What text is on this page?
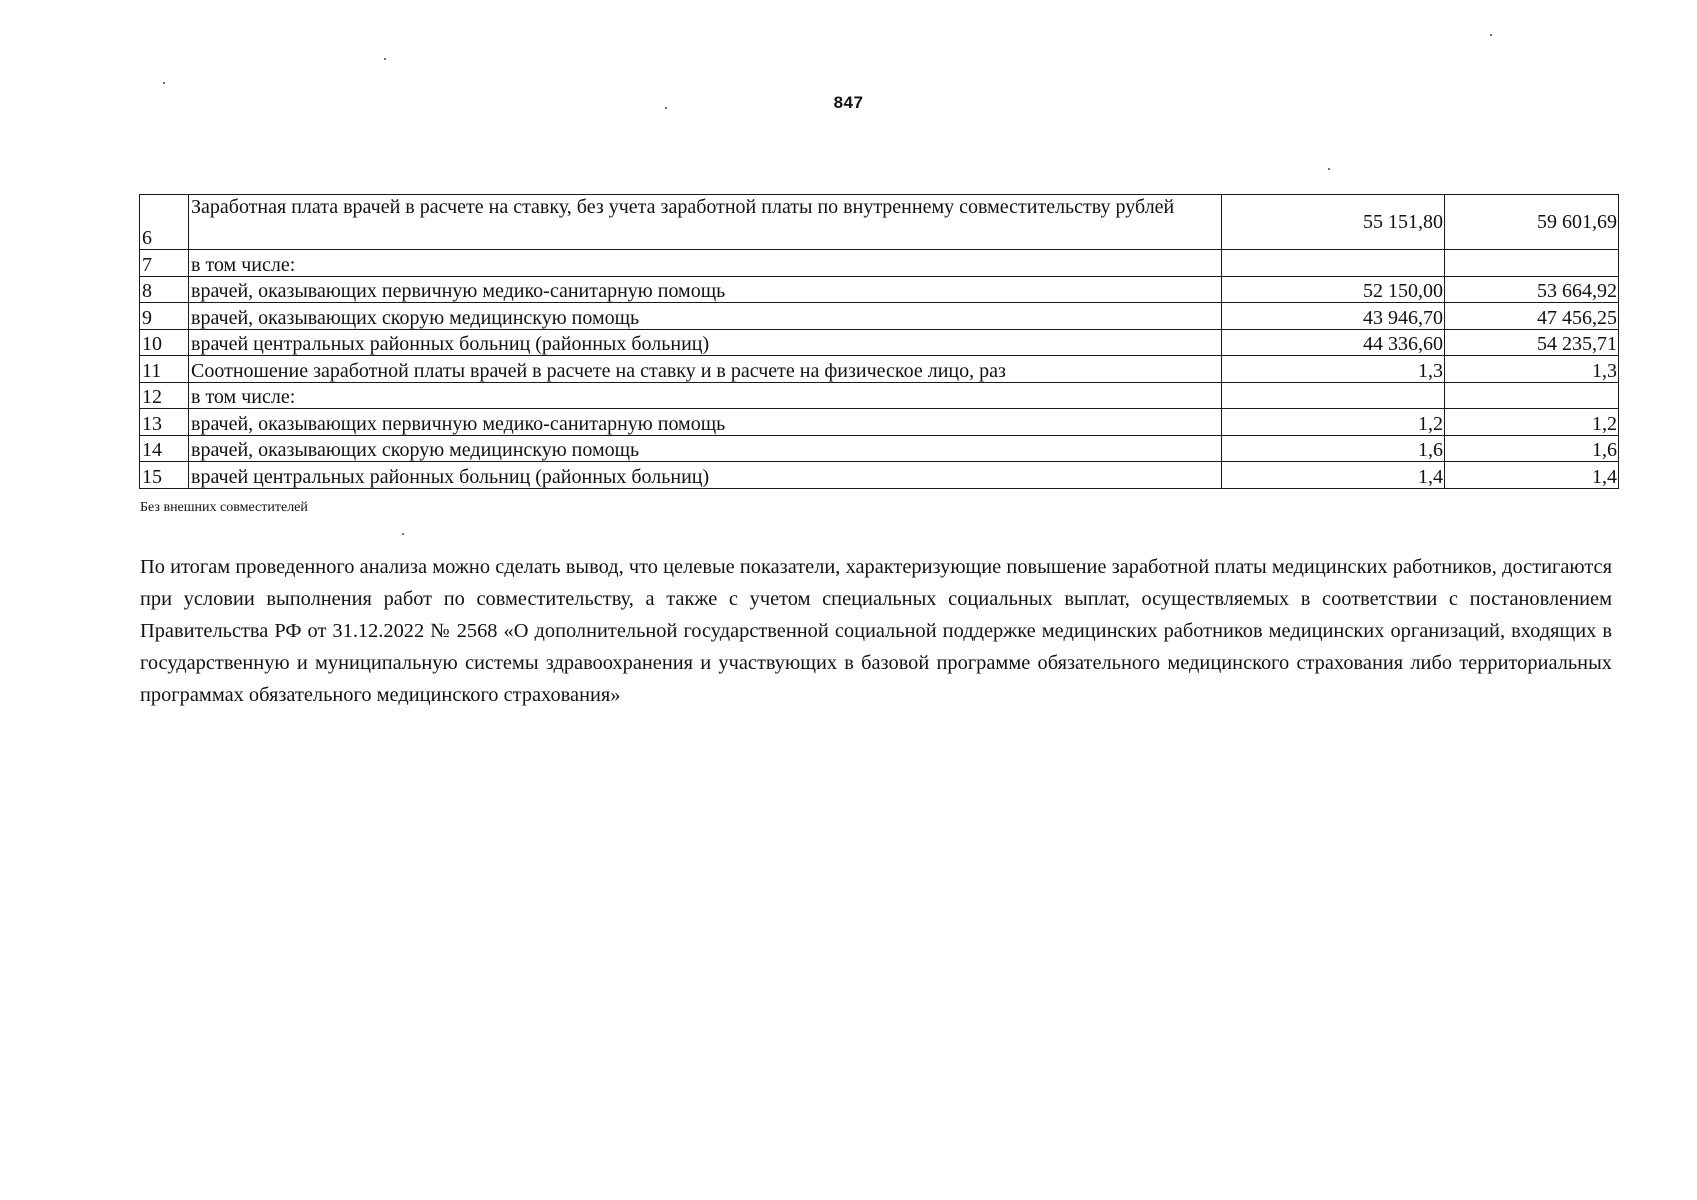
847
6	Заработная плата врачей в расчете на ставку, без учета заработной платы по внутреннему совместительству рублей	55 151,80	59 601,69
7	в том числе:		
8	врачей, оказывающих первичную медико-санитарную помощь	52 150,00	53 664,92
9	врачей, оказывающих скорую медицинскую помощь	43 946,70	47 456,25
10	врачей центральных районных больниц (районных больниц)	44 336,60	54 235,71
11	Соотношение заработной платы врачей в расчете на ставку и в расчете на физическое лицо, раз	1,3	1,3
12	в том числе:		
13	врачей, оказывающих первичную медико-санитарную помощь	1,2	1,2
14	врачей, оказывающих скорую медицинскую помощь	1,6	1,6
15	врачей центральных районных больниц (районных больниц)	1,4	1,4
Без внешних совместителей

По итогам проведенного анализа можно сделать вывод, что целевые показатели, характеризующие повышение заработной платы медицинских работников, достигаются при условии выполнения работ по совместительству, а также с учетом специальных социальных выплат, осуществляемых в соответствии с постановлением Правительства РФ от 31.12.2022 № 2568 «О дополнительной государственной социальной поддержке медицинских работников медицинских организаций, входящих в государственную и муниципальную системы здравоохранения и участвующих в базовой программе обязательного медицинского страхования либо территориальных программах обязательного медицинского страхования»
